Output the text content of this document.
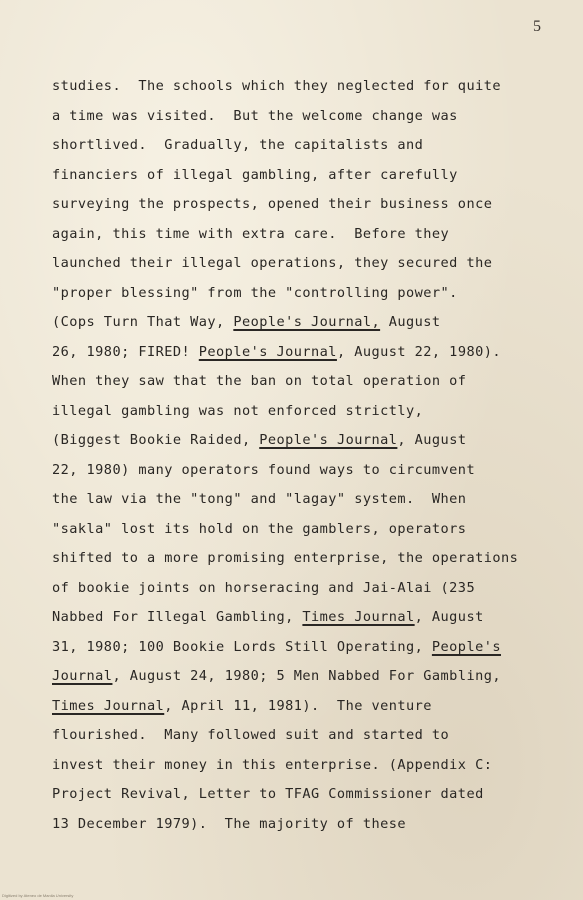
5
studies.  The schools which they neglected for quite
a time was visited.  But the welcome change was
shortlived.  Gradually, the capitalists and
financiers of illegal gambling, after carefully
surveying the prospects, opened their business once
again, this time with extra care.  Before they
launched their illegal operations, they secured the
"proper blessing" from the "controlling power".
(Cops Turn That Way, People's Journal, August
26, 1980; FIRED! People's Journal, August 22, 1980).
When they saw that the ban on total operation of
illegal gambling was not enforced strictly,
(Biggest Bookie Raided, People's Journal, August
22, 1980) many operators found ways to circumvent
the law via the "tong" and "lagay" system.  When
"sakla" lost its hold on the gamblers, operators
shifted to a more promising enterprise, the operations
of bookie joints on horseracing and Jai-Alai (235
Nabbed For Illegal Gambling, Times Journal, August
31, 1980; 100 Bookie Lords Still Operating, People's
Journal, August 24, 1980; 5 Men Nabbed For Gambling,
Times Journal, April 11, 1981).  The venture
flourished.  Many followed suit and started to
invest their money in this enterprise. (Appendix C:
Project Revival, Letter to TFAG Commissioner dated
13 December 1979).  The majority of these
Digitized by Ateneo de Manila University
